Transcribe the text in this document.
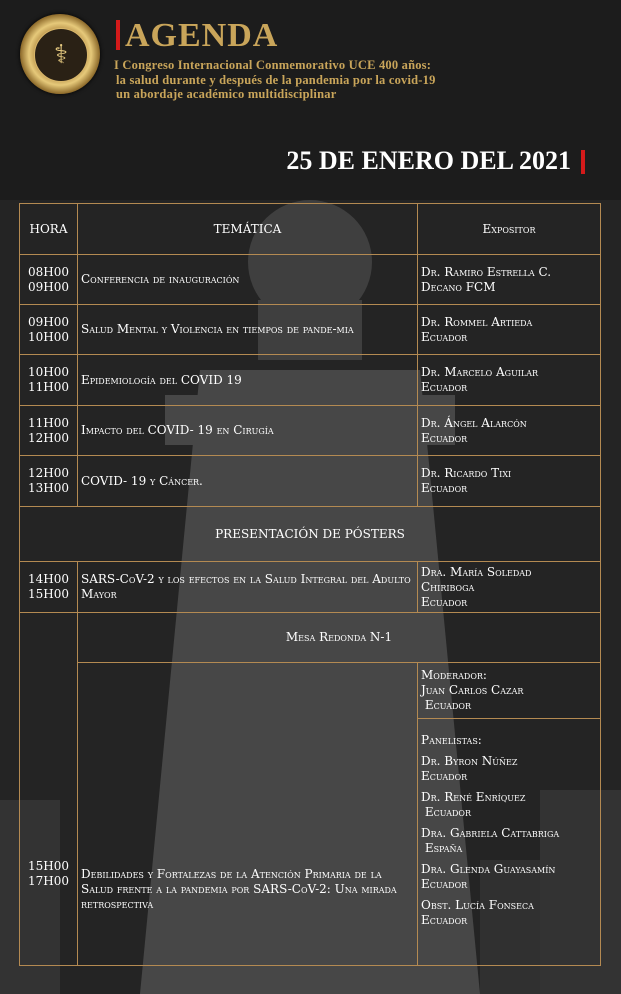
⚕
AGENDA
I Congreso Internacional Conmemorativo UCE 400 años:
la salud durante y después de la pandemia por la covid-19
un abordaje académico multidisciplinar
25 DE ENERO DEL 2021
HORA	TEMÁTICA	Expositor
08H00
09H00
Conferencia de inauguración
Dr. Ramiro Estrella C.
Decano FCM
09H00
10H00
Salud Mental y Violencia en tiempos de pande-mia
Dr. Rommel Artieda
Ecuador
10H00
11H00
Epidemiología del COVID 19
Dr. Marcelo Aguilar
Ecuador
11H00
12H00
Impacto del COVID- 19 en Cirugía
Dr. Ángel Alarcón
Ecuador
12H00
13H00
COVID- 19 y Cáncer.
Dr. Ricardo Tixi
Ecuador
PRESENTACIÓN DE PÓSTERS
14H00
15H00
SARS-CoV-2 y los efectos en la Salud Integral del Adulto Mayor
Dra. María Soledad
Chiriboga
Ecuador
15H00
17H00
Mesa Redonda N-1
Debilidades y Fortalezas de la Atención Primaria de la Salud frente a la pandemia por SARS-CoV-2: Una mirada retrospectiva
Moderador:
Juan Carlos Cazar
Ecuador
Panelistas:
Dr. Byron Núñez
Ecuador
Dr. René Enríquez
Ecuador
Dra. Gabriela Cattabriga
España
Dra. Glenda Guayasamín
Ecuador
Obst. Lucía Fonseca
Ecuador
